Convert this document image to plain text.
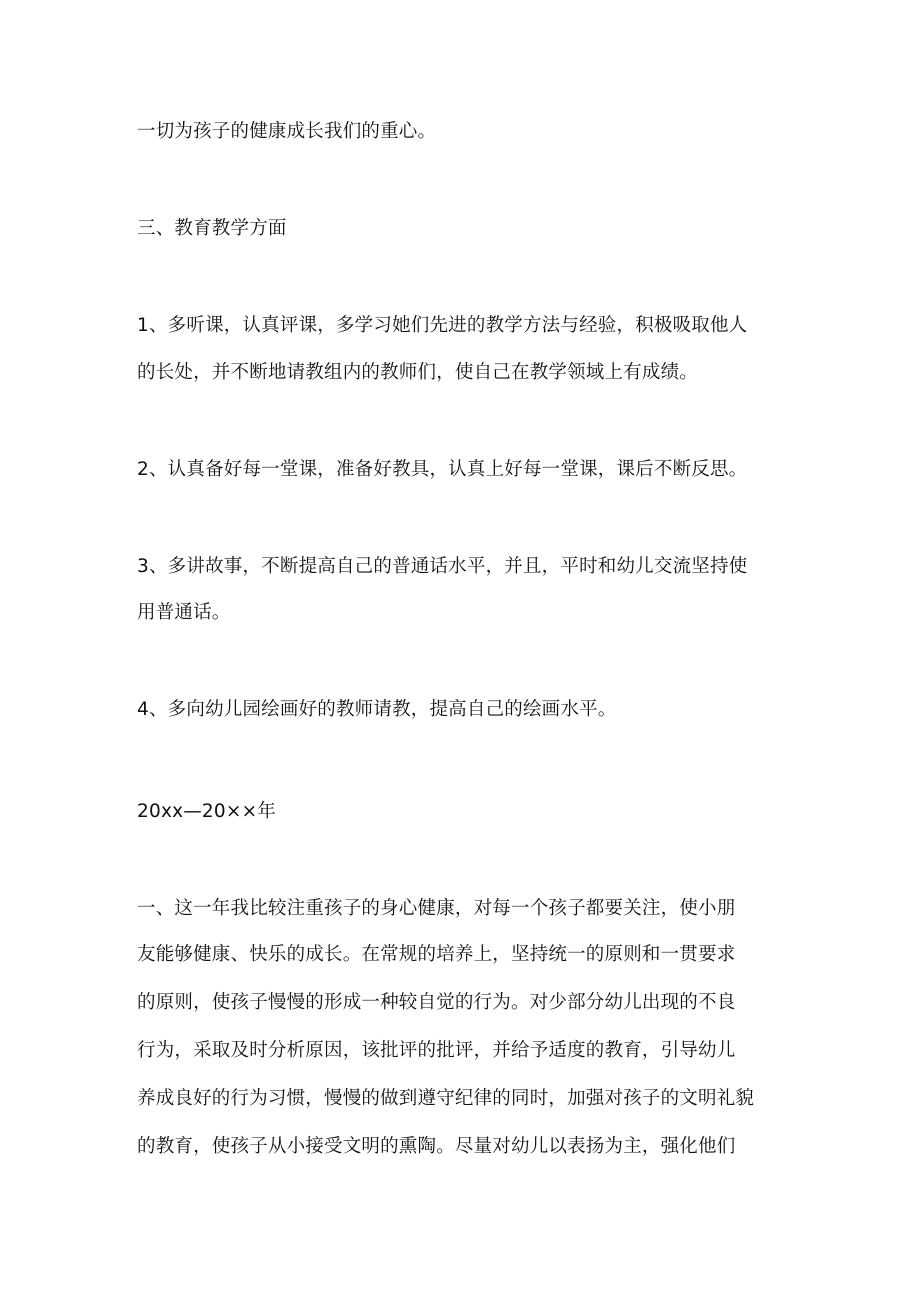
一切为孩子的健康成长我们的重心。
三、教育教学方面
1、多听课，认真评课，多学习她们先进的教学方法与经验，积极吸取他人
的长处，并不断地请教组内的教师们，使自己在教学领域上有成绩。
2、认真备好每一堂课，准备好教具，认真上好每一堂课，课后不断反思。
3、多讲故事，不断提高自己的普通话水平，并且，平时和幼儿交流坚持使
用普通话。
4、多向幼儿园绘画好的教师请教，提高自己的绘画水平。
20xx—20××年
一、这一年我比较注重孩子的身心健康，对每一个孩子都要关注，使小朋
友能够健康、快乐的成长。在常规的培养上，坚持统一的原则和一贯要求
的原则，使孩子慢慢的形成一种较自觉的行为。对少部分幼儿出现的不良
行为，采取及时分析原因，该批评的批评，并给予适度的教育，引导幼儿
养成良好的行为习惯，慢慢的做到遵守纪律的同时，加强对孩子的文明礼貌
的教育，使孩子从小接受文明的熏陶。尽量对幼儿以表扬为主，强化他们
